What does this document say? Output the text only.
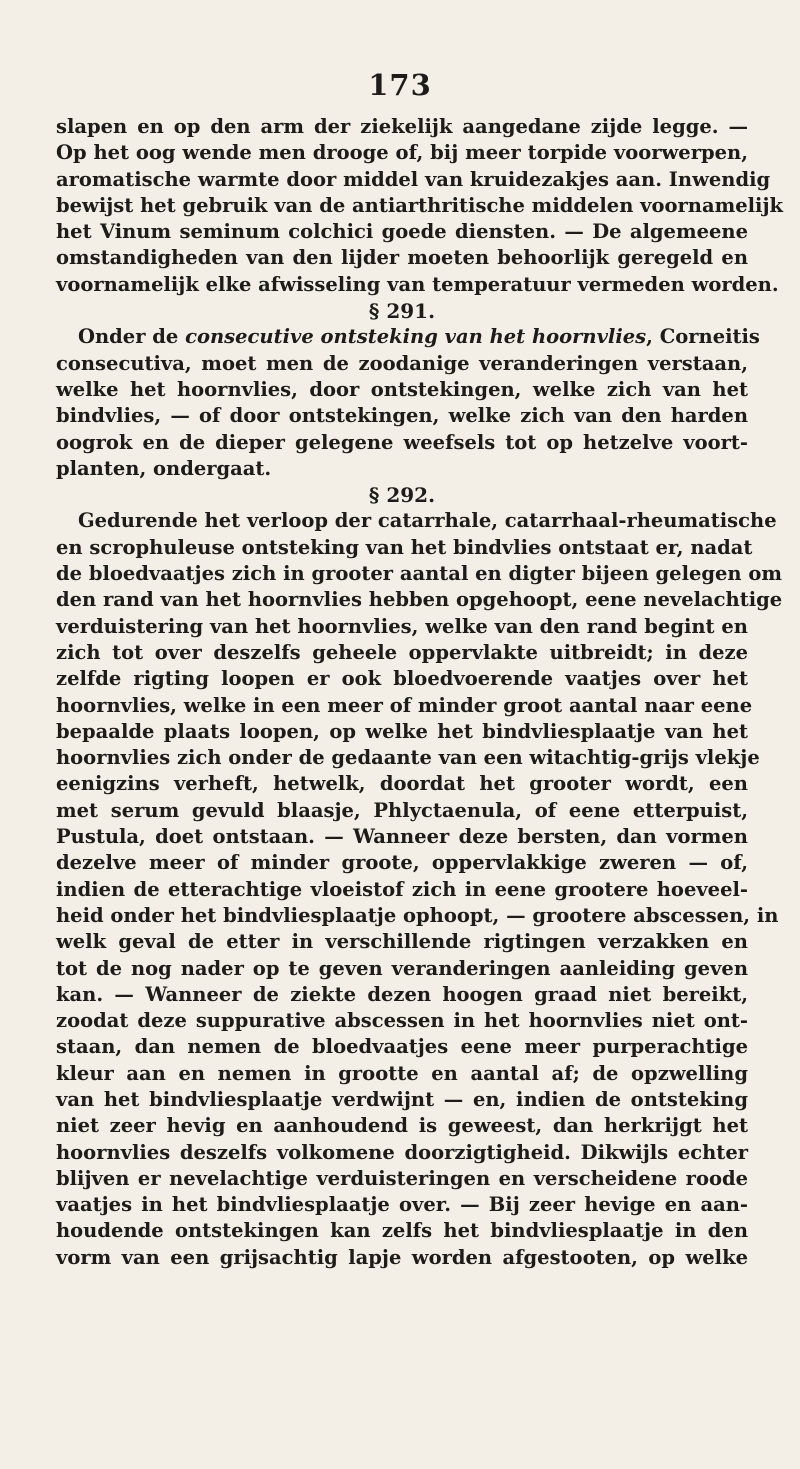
173
slapen en op den arm der ziekelijk aangedane zijde legge. —
Op het oog wende men drooge of, bij meer torpide voorwerpen,
aromatische warmte door middel van kruidezakjes aan. Inwendig
bewijst het gebruik van de antiarthritische middelen voornamelijk
het Vinum seminum colchici goede diensten. — De algemeene
omstandigheden van den lijder moeten behoorlijk geregeld en
voornamelijk elke afwisseling van temperatuur vermeden worden.
§ 291.
Onder de consecutive ontsteking van het hoornvlies, Corneitis
consecutiva, moet men de zoodanige veranderingen verstaan,
welke het hoornvlies, door ontstekingen, welke zich van het
bindvlies, — of door ontstekingen, welke zich van den harden
oogrok en de dieper gelegene weefsels tot op hetzelve voort-
planten, ondergaat.
§ 292.
Gedurende het verloop der catarrhale, catarrhaal-rheumatische
en scrophuleuse ontsteking van het bindvlies ontstaat er, nadat
de bloedvaatjes zich in grooter aantal en digter bijeen gelegen om
den rand van het hoornvlies hebben opgehoopt, eene nevelachtige
verduistering van het hoornvlies, welke van den rand begint en
zich tot over deszelfs geheele oppervlakte uitbreidt; in deze
zelfde rigting loopen er ook bloedvoerende vaatjes over het
hoornvlies, welke in een meer of minder groot aantal naar eene
bepaalde plaats loopen, op welke het bindvliesplaatje van het
hoornvlies zich onder de gedaante van een witachtig-grijs vlekje
eenigzins verheft, hetwelk, doordat het grooter wordt, een
met serum gevuld blaasje, Phlyctaenula, of eene etterpuist,
Pustula, doet ontstaan. — Wanneer deze bersten, dan vormen
dezelve meer of minder groote, oppervlakkige zweren — of,
indien de etterachtige vloeistof zich in eene grootere hoeveel-
heid onder het bindvliesplaatje ophoopt, — grootere abscessen, in
welk geval de etter in verschillende rigtingen verzakken en
tot de nog nader op te geven veranderingen aanleiding geven
kan. — Wanneer de ziekte dezen hoogen graad niet bereikt,
zoodat deze suppurative abscessen in het hoornvlies niet ont-
staan, dan nemen de bloedvaatjes eene meer purperachtige
kleur aan en nemen in grootte en aantal af; de opzwelling
van het bindvliesplaatje verdwijnt — en, indien de ontsteking
niet zeer hevig en aanhoudend is geweest, dan herkrijgt het
hoornvlies deszelfs volkomene doorzigtigheid. Dikwijls echter
blijven er nevelachtige verduisteringen en verscheidene roode
vaatjes in het bindvliesplaatje over. — Bij zeer hevige en aan-
houdende ontstekingen kan zelfs het bindvliesplaatje in den
vorm van een grijsachtig lapje worden afgestooten, op welke
